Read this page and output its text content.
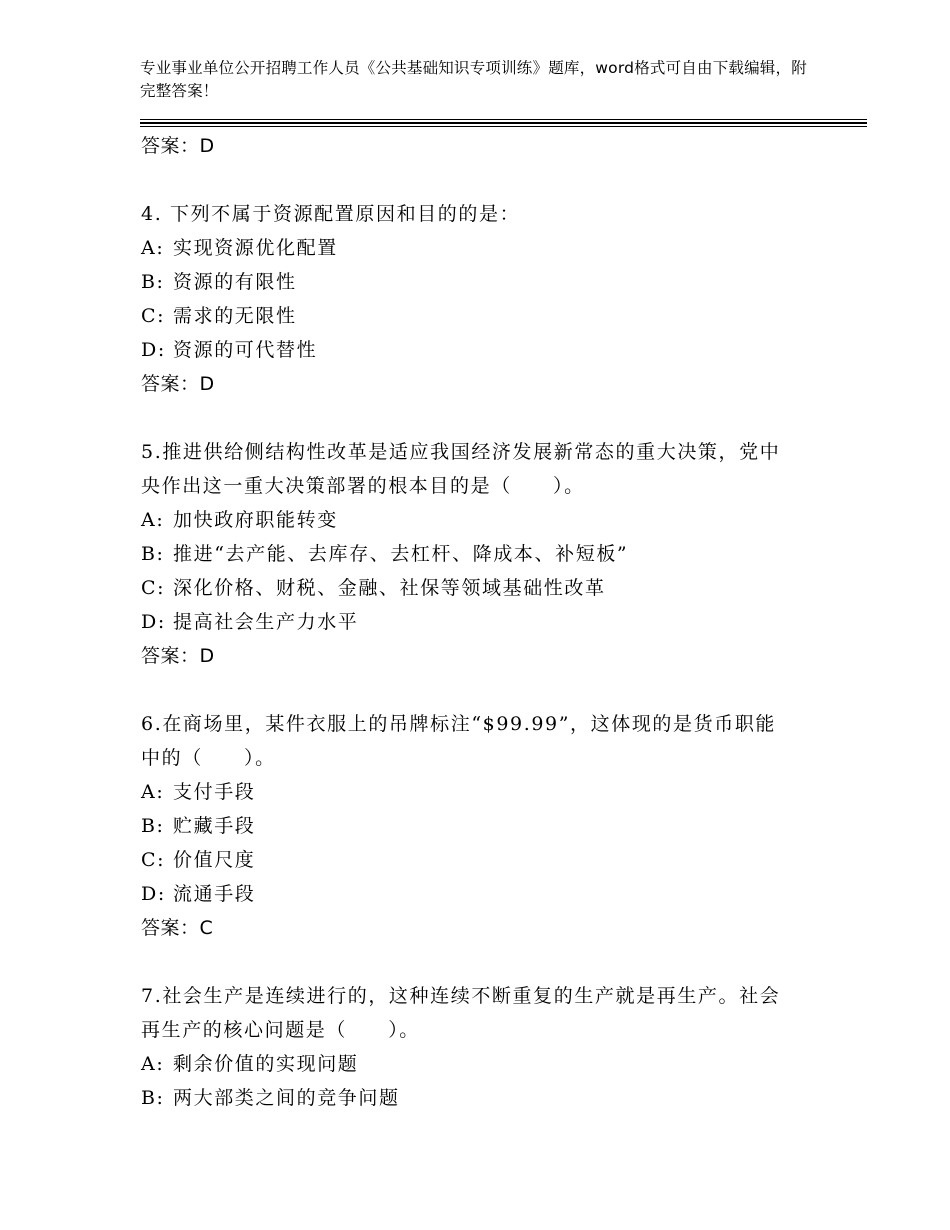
专业事业单位公开招聘工作人员《公共基础知识专项训练》题库，word格式可自由下载编辑，附完整答案！
答案：D
4. 下列不属于资源配置原因和目的的是：
A: 实现资源优化配置
B: 资源的有限性
C: 需求的无限性
D: 资源的可代替性
答案：D
5.推进供给侧结构性改革是适应我国经济发展新常态的重大决策，党中央作出这一重大决策部署的根本目的是（　　）。
A: 加快政府职能转变
B: 推进“去产能、去库存、去杠杆、降成本、补短板”
C: 深化价格、财税、金融、社保等领域基础性改革
D: 提高社会生产力水平
答案：D
6.在商场里，某件衣服上的吊牌标注“$99.99”，这体现的是货币职能中的（　　）。
A: 支付手段
B: 贮藏手段
C: 价值尺度
D: 流通手段
答案：C
7.社会生产是连续进行的，这种连续不断重复的生产就是再生产。社会再生产的核心问题是（　　）。
A: 剩余价值的实现问题
B: 两大部类之间的竞争问题
